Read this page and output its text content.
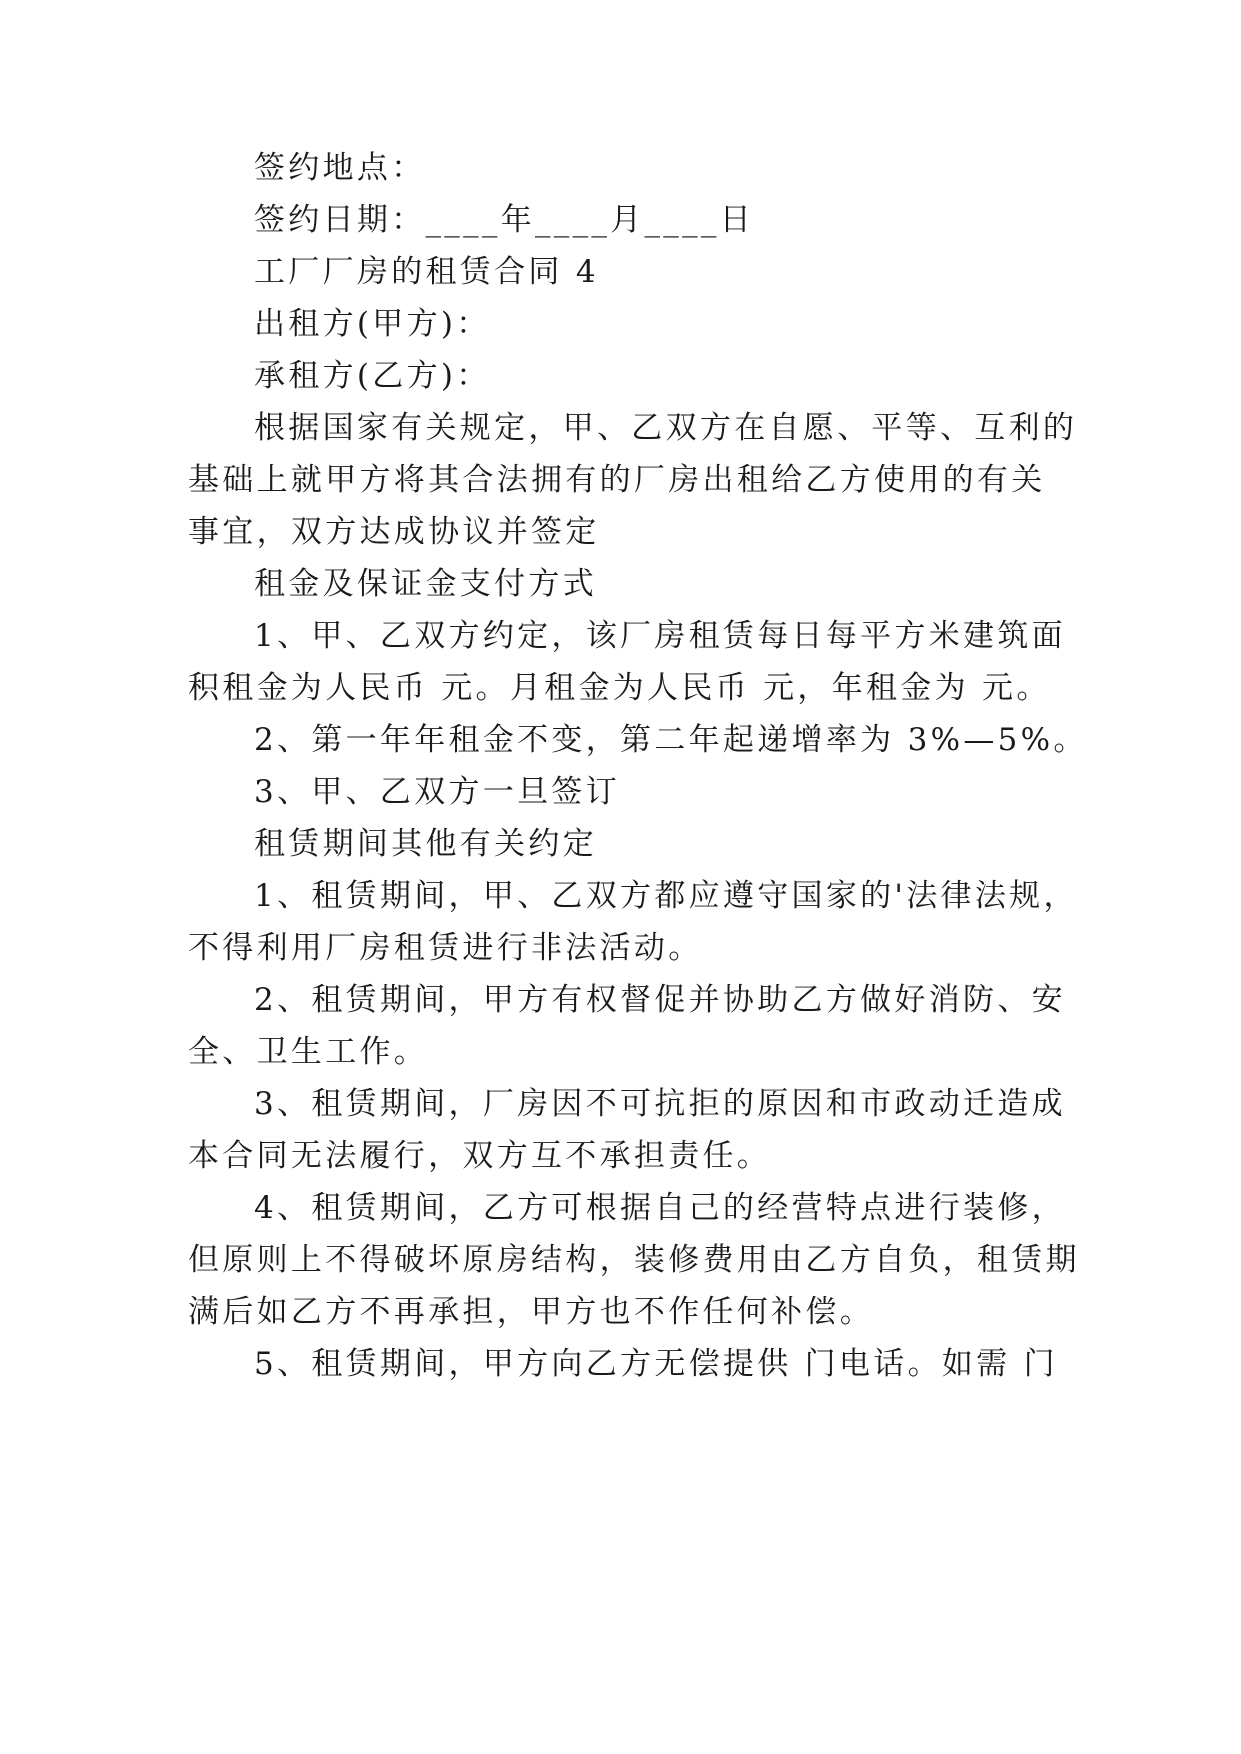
签约地点：
签约日期：____年____月____日
工厂厂房的租赁合同 4
出租方(甲方)：
承租方(乙方)：
根据国家有关规定，甲、乙双方在自愿、平等、互利的
基础上就甲方将其合法拥有的厂房出租给乙方使用的有关
事宜，双方达成协议并签定
租金及保证金支付方式
1、甲、乙双方约定，该厂房租赁每日每平方米建筑面
积租金为人民币 元。月租金为人民币 元，年租金为 元。
2、第一年年租金不变，第二年起递增率为 3%—5%。
3、甲、乙双方一旦签订
租赁期间其他有关约定
1、租赁期间，甲、乙双方都应遵守国家的'法律法规，
不得利用厂房租赁进行非法活动。
2、租赁期间，甲方有权督促并协助乙方做好消防、安
全、卫生工作。
3、租赁期间，厂房因不可抗拒的原因和市政动迁造成
本合同无法履行，双方互不承担责任。
4、租赁期间，乙方可根据自己的经营特点进行装修，
但原则上不得破坏原房结构，装修费用由乙方自负，租赁期
满后如乙方不再承担，甲方也不作任何补偿。
5、租赁期间，甲方向乙方无偿提供 门电话。如需 门
